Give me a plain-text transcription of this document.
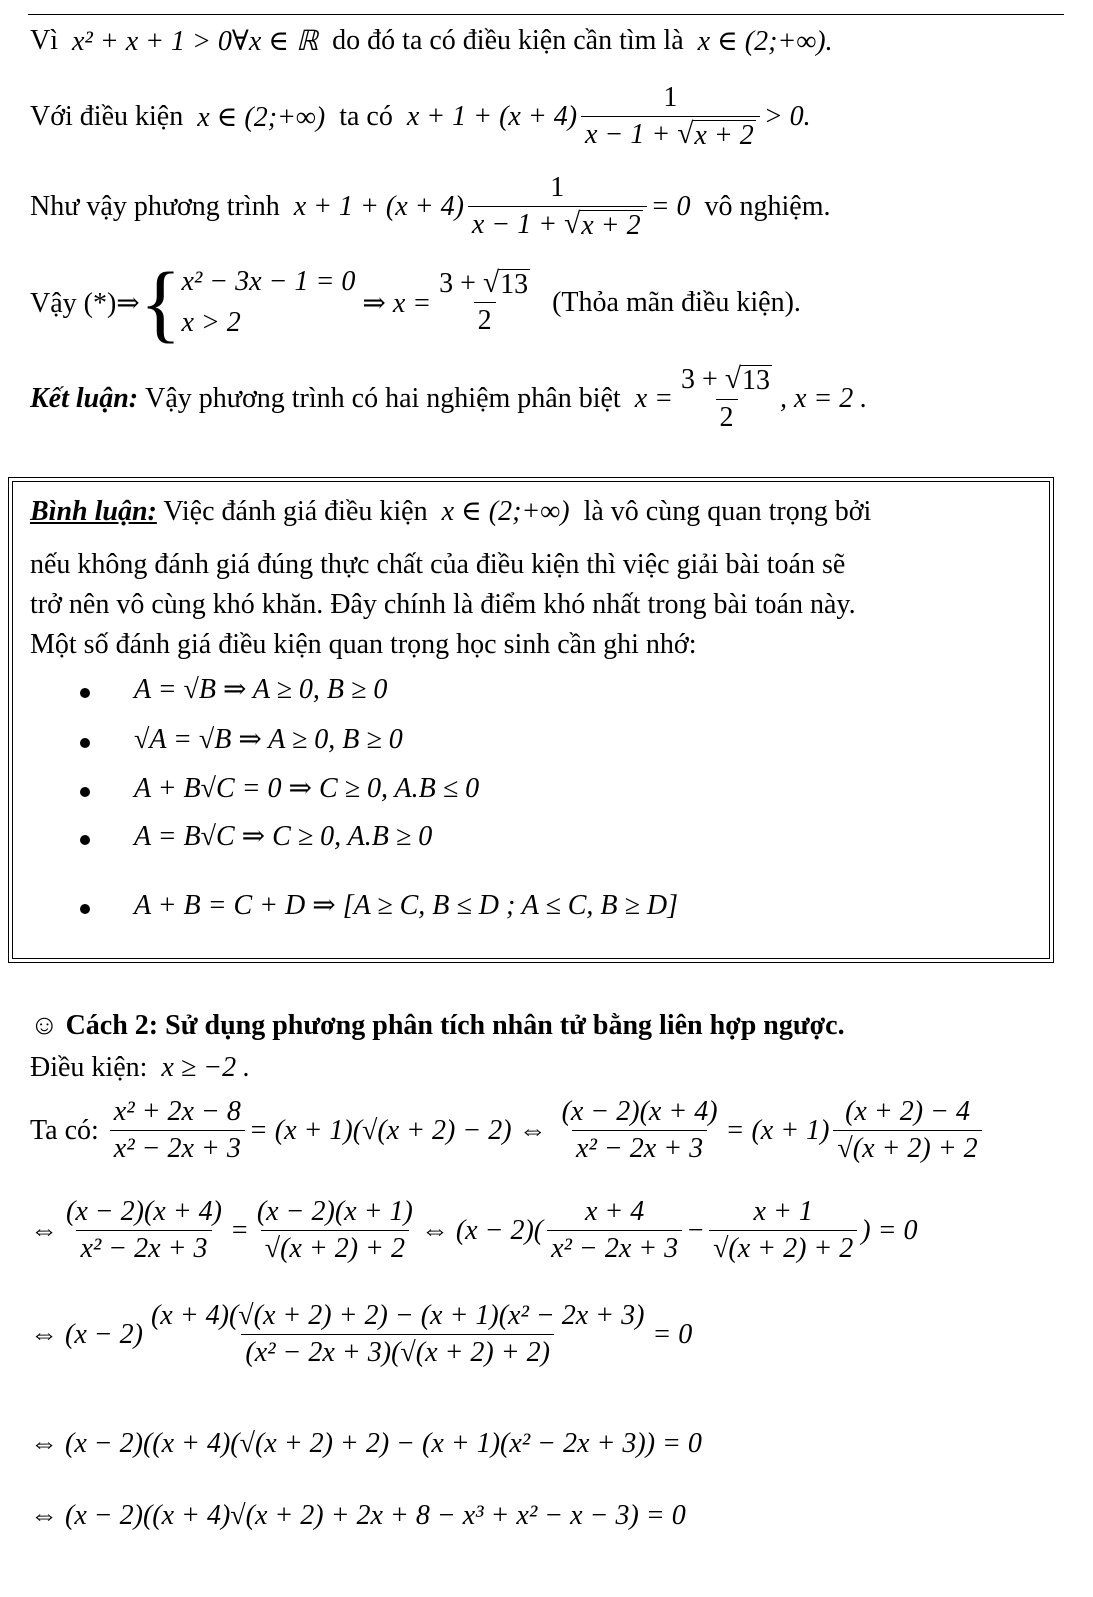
Vì
x² + x + 1 > 0∀x ∈ ℝ
do đó ta có điều kiện cần tìm là
x ∈ (2;+∞).
Với điều kiện
x ∈ (2;+∞)
ta có
$x + 1 + (x + 4) \frac{1}{x - 1 + √ x + 2} > 0$.
Như vậy phương trình
$x + 1 + (x + 4) \frac{1}{x - 1 + √ x + 2} = 0$
vô nghiệm.
Vậy (*)⇒ { x² − 3x − 1 = 0
x > 2

⇒ $x = \frac{3 + √ 13}{2}$
(Thỏa mãn điều kiện).
Kết luận:
Vậy phương trình có hai nghiệm phân biệt
$x = \frac{3 + √ 13}{2}$ , x = 2 .
Bình luận: Việc đánh giá điều kiện x ∈ (2;+∞) là vô cùng quan trọng bởi
nếu không đánh giá đúng thực chất của điều kiện thì việc giải bài toán sẽ
trở nên vô cùng khó khăn. Đây chính là điểm khó nhất trong bài toán này.
Một số đánh giá điều kiện quan trọng học sinh cần ghi nhớ:
A = √B ⇒ A ≥ 0, B ≥ 0
√A = √B ⇒ A ≥ 0, B ≥ 0
A + B√C = 0 ⇒ C ≥ 0, A.B ≤ 0
A = B√C ⇒ C ≥ 0, A.B ≥ 0
A + B = C + D ⇒ [A ≥ C, B ≤ D ; A ≤ C, B ≥ D]
☺ Cách 2: Sử dụng phương phân tích nhân tử bằng liên hợp ngược.
Điều kiện:
x ≥ −2 .
Ta có:
$\frac{\text{x² + 2x − 8}}{\text{x² − 2x + 3}} = (x + 1)(√(x + 2) - 2)$ ⇔
$\frac{(x - 2)(x + 4)}{\text{x² − 2x + 3}} = (x + 1) \frac{(x + 2) - 4}{√(x + 2) + 2}$
⇔ $\frac{(x - 2)(x + 4)}{\text{x² − 2x + 3}} = \frac{(x - 2)(x + 1)}{√(x + 2) + 2}$ ⇔ $(x - 2)( \frac{x + 4}{\text{x² − 2x + 3}} - \frac{x + 1}{√(x + 2) + 2}$ ) = 0
⇔ $(x - 2) \frac{\text{(x + 4)(√(x + 2) + 2) − (x + 1)(x² − 2x + 3)}}{\text{(x² − 2x + 3)(√(x + 2) + 2)}} = 0$
⇔ (x − 2)((x + 4)(√(x + 2) + 2) − (x + 1)(x² − 2x + 3)) = 0
⇔ (x − 2)((x + 4)√(x + 2) + 2x + 8 − x³ + x² − x − 3) = 0
